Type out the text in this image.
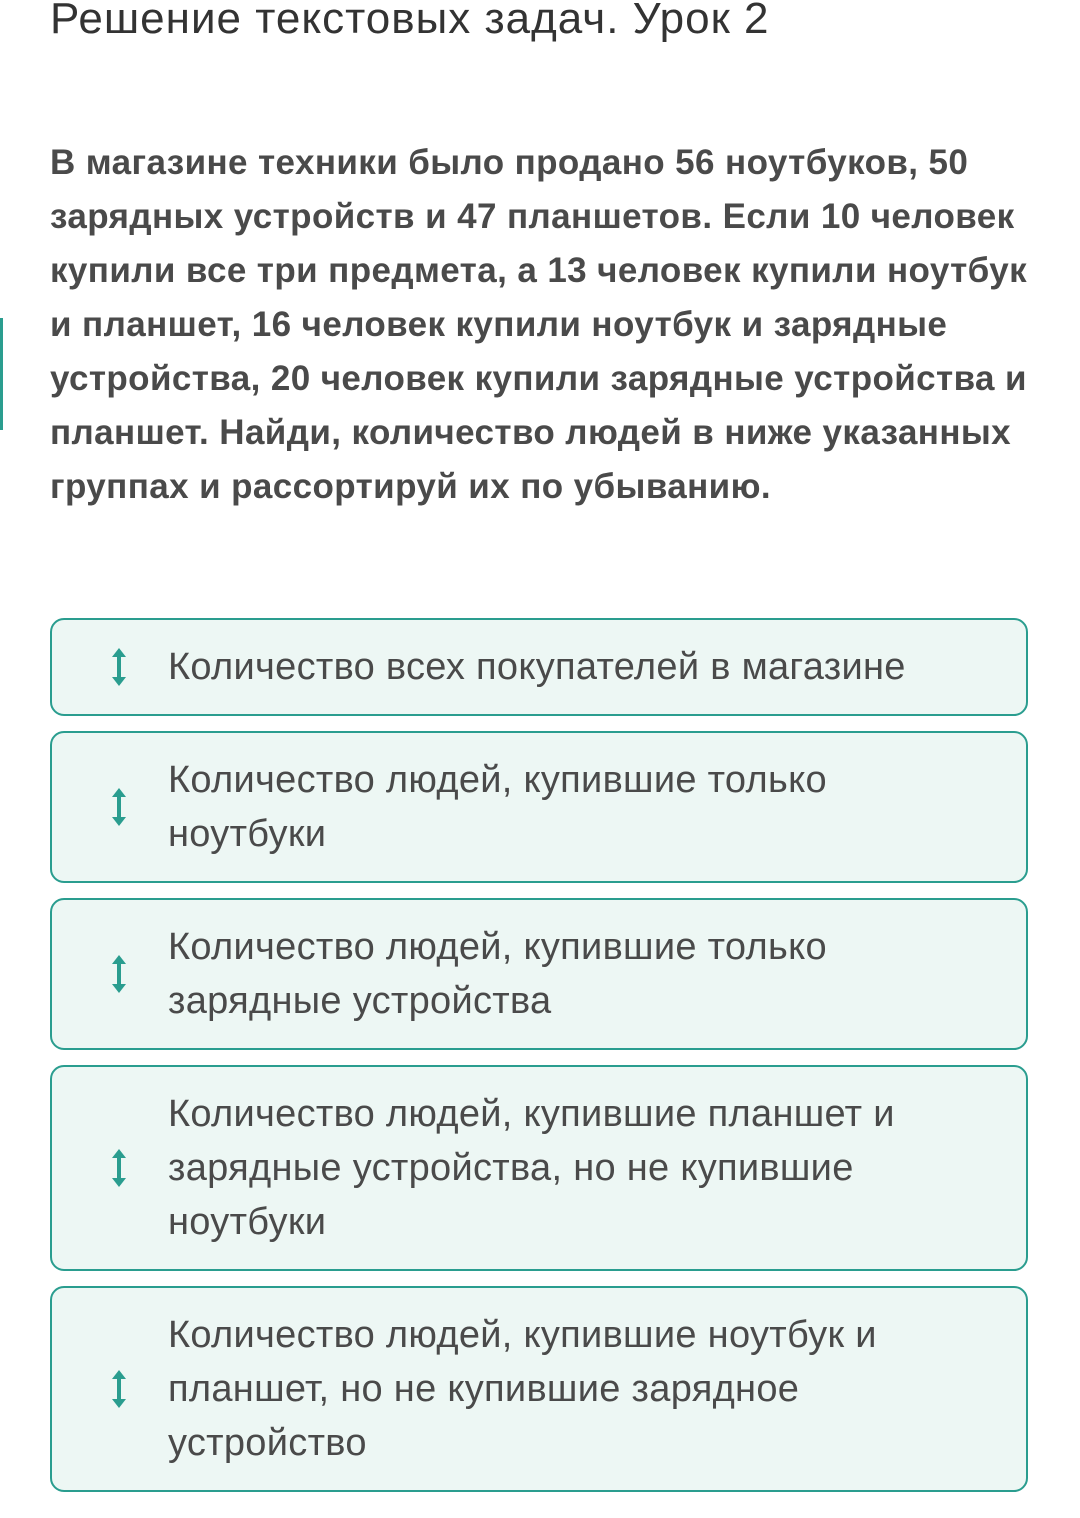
Решение текстовых задач. Урок 2

В магазине техники было продано 56 ноутбуков, 50 зарядных устройств и 47 планшетов. Если 10 человек купили все три предмета, а 13 человек купили ноутбук и планшет, 16 человек купили ноутбук и зарядные устройства, 20 человек купили зарядные устройства и планшет. Найди, количество людей в ниже указанных группах и рассортируй их по убыванию.

Количество всех покупателей в магазине
Количество людей, купившие только ноутбуки
Количество людей, купившие только зарядные устройства
Количество людей, купившие планшет и зарядные устройства, но не купившие ноутбуки
Количество людей, купившие ноутбук и планшет, но не купившие зарядное устройство
